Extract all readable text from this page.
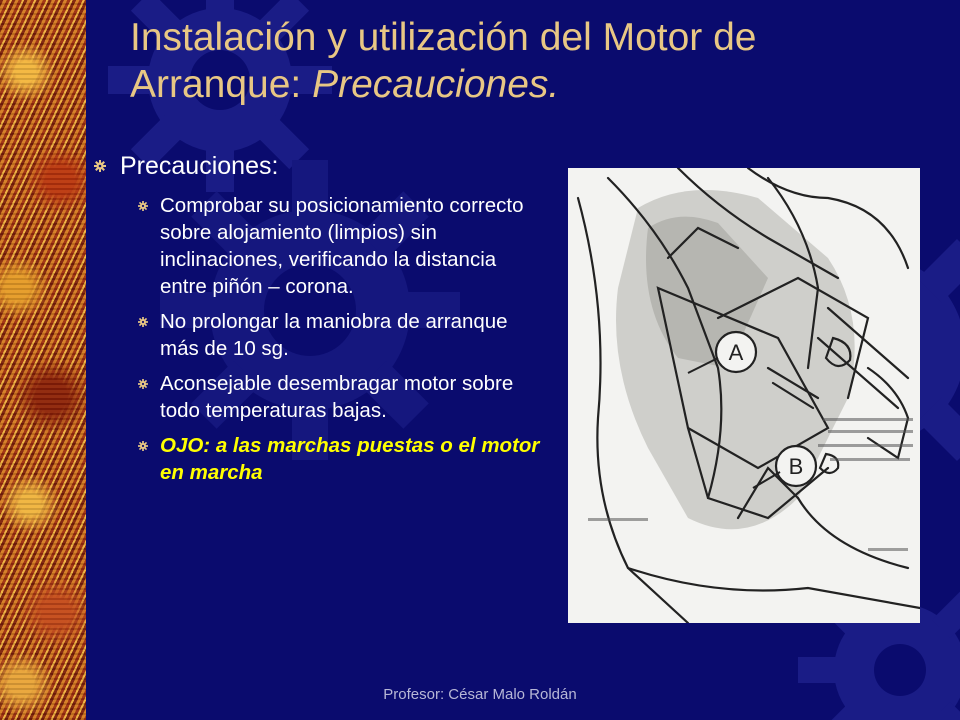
Instalación y utilización del Motor de Arranque: Precauciones.
Precauciones:
Comprobar su posicionamiento correcto sobre alojamiento (limpios) sin inclinaciones, verificando la distancia entre piñón – corona.
No prolongar la maniobra de arranque más de 10 sg.
Aconsejable desembragar motor sobre todo temperaturas bajas.
OJO: a las marchas puestas o el motor en marcha
A
B
Profesor: César Malo Roldán
